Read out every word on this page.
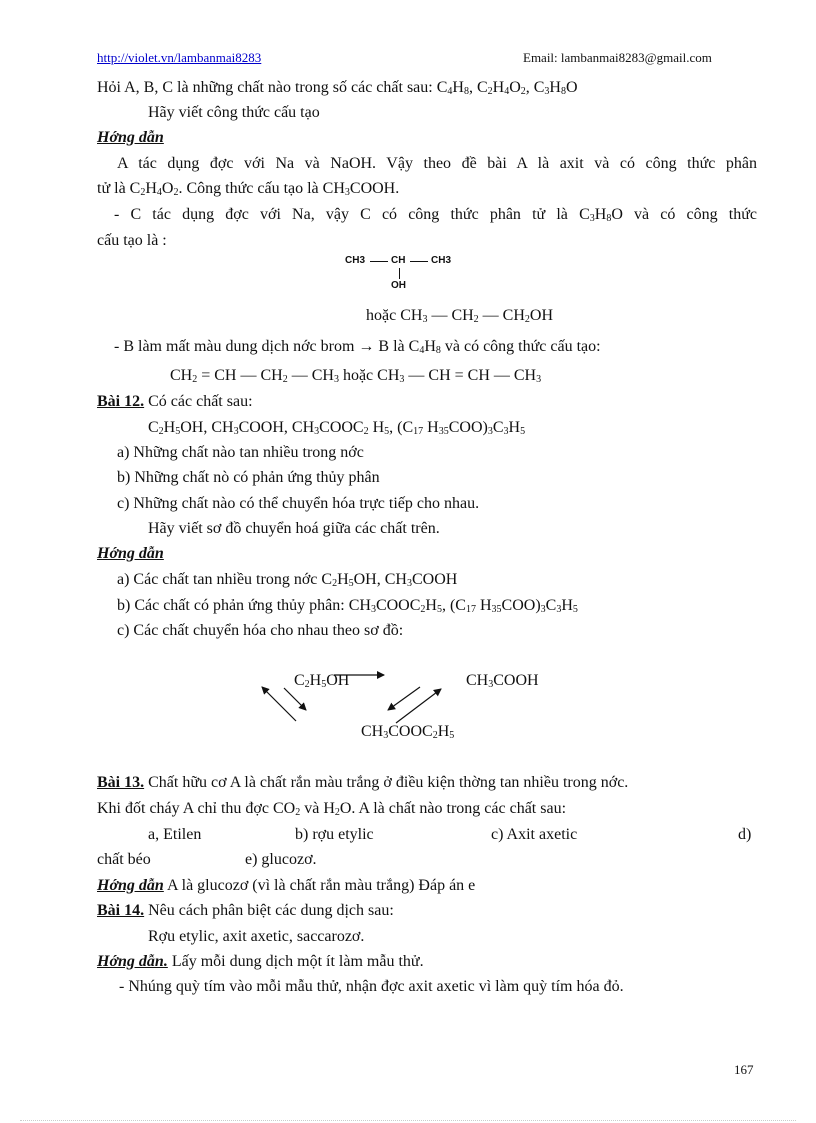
http://violet.vn/lambanmai8283	Email: lambanmai8283@gmail.com
Hỏi A, B, C là những chất nào trong số các chất sau: $C_4H_8$, $C_2H_4O_2$, $C_3H_8O$
Hãy viết công thức cấu tạo
Hớng dẫn
A tác dụng đợc với Na và NaOH. Vậy theo đề bài A là axit và có công thức phân
tử là $C_2H_4O_2$. Công thức cấu tạo là $CH_3COOH$.
- C tác dụng đợc với Na, vậy C có công thức phân tử là $C_3H_8O$ và có công thức
cấu tạo là :
CH3	CH	CH3
OH
hoặc $CH_3$ — $CH_2$ — $CH_2OH$
- B làm mất màu dung dịch nớc brom → B là $C_4H_8$ và có công thức cấu tạo:
$CH_2$ = CH — $CH_2$ — $CH_3$ hoặc $CH_3$ — CH = CH — $CH_3$
Bài 12. Có các chất sau:
$C_2H_5OH$, $CH_3COOH$, $CH_3COOC_2$ $H_5$, ($C_{17}$ $H_{35}COO)_3C_3H_5$
a) Những chất nào tan nhiều trong nớc
b) Những chất nò có phản ứng thủy phân
c) Những chất nào có thể chuyển hóa trực tiếp cho nhau.
Hãy viết sơ đồ chuyển hoá giữa các chất trên.
Hớng dẫn
a) Các chất tan nhiều trong nớc $C_2H_5OH$, $CH_3COOH$
b) Các chất có phản ứng thủy phân: $CH_3COOC_2H_5$, ($C_{17}$ $H_{35}COO)_3C_3H_5$
c) Các chất chuyển hóa cho nhau theo sơ đồ:
$C_2H_5OH$	$CH_3COOH$
$CH_3COOC_2H_5$
Bài 13. Chất hữu cơ A là chất rắn màu trắng ở điều kiện thờng tan nhiều trong nớc.
Khi đốt cháy A chỉ thu đợc $CO_2$ và $H_2O$. A là chất nào trong các chất sau:
a, Etilen	b) rợu etylic	c) Axit axetic	d)
chất béo	e) glucozơ.
Hớng dẫn A là glucozơ (vì là chất rắn màu trắng) Đáp án e
Bài 14. Nêu cách phân biệt các dung dịch sau:
Rợu etylic, axit axetic, saccarozơ.
Hớng dẫn. Lấy mỗi dung dịch một ít làm mẫu thử.
- Nhúng quỳ tím vào mỗi mẫu thử, nhận đợc axit axetic vì làm quỳ tím hóa đỏ.
167
